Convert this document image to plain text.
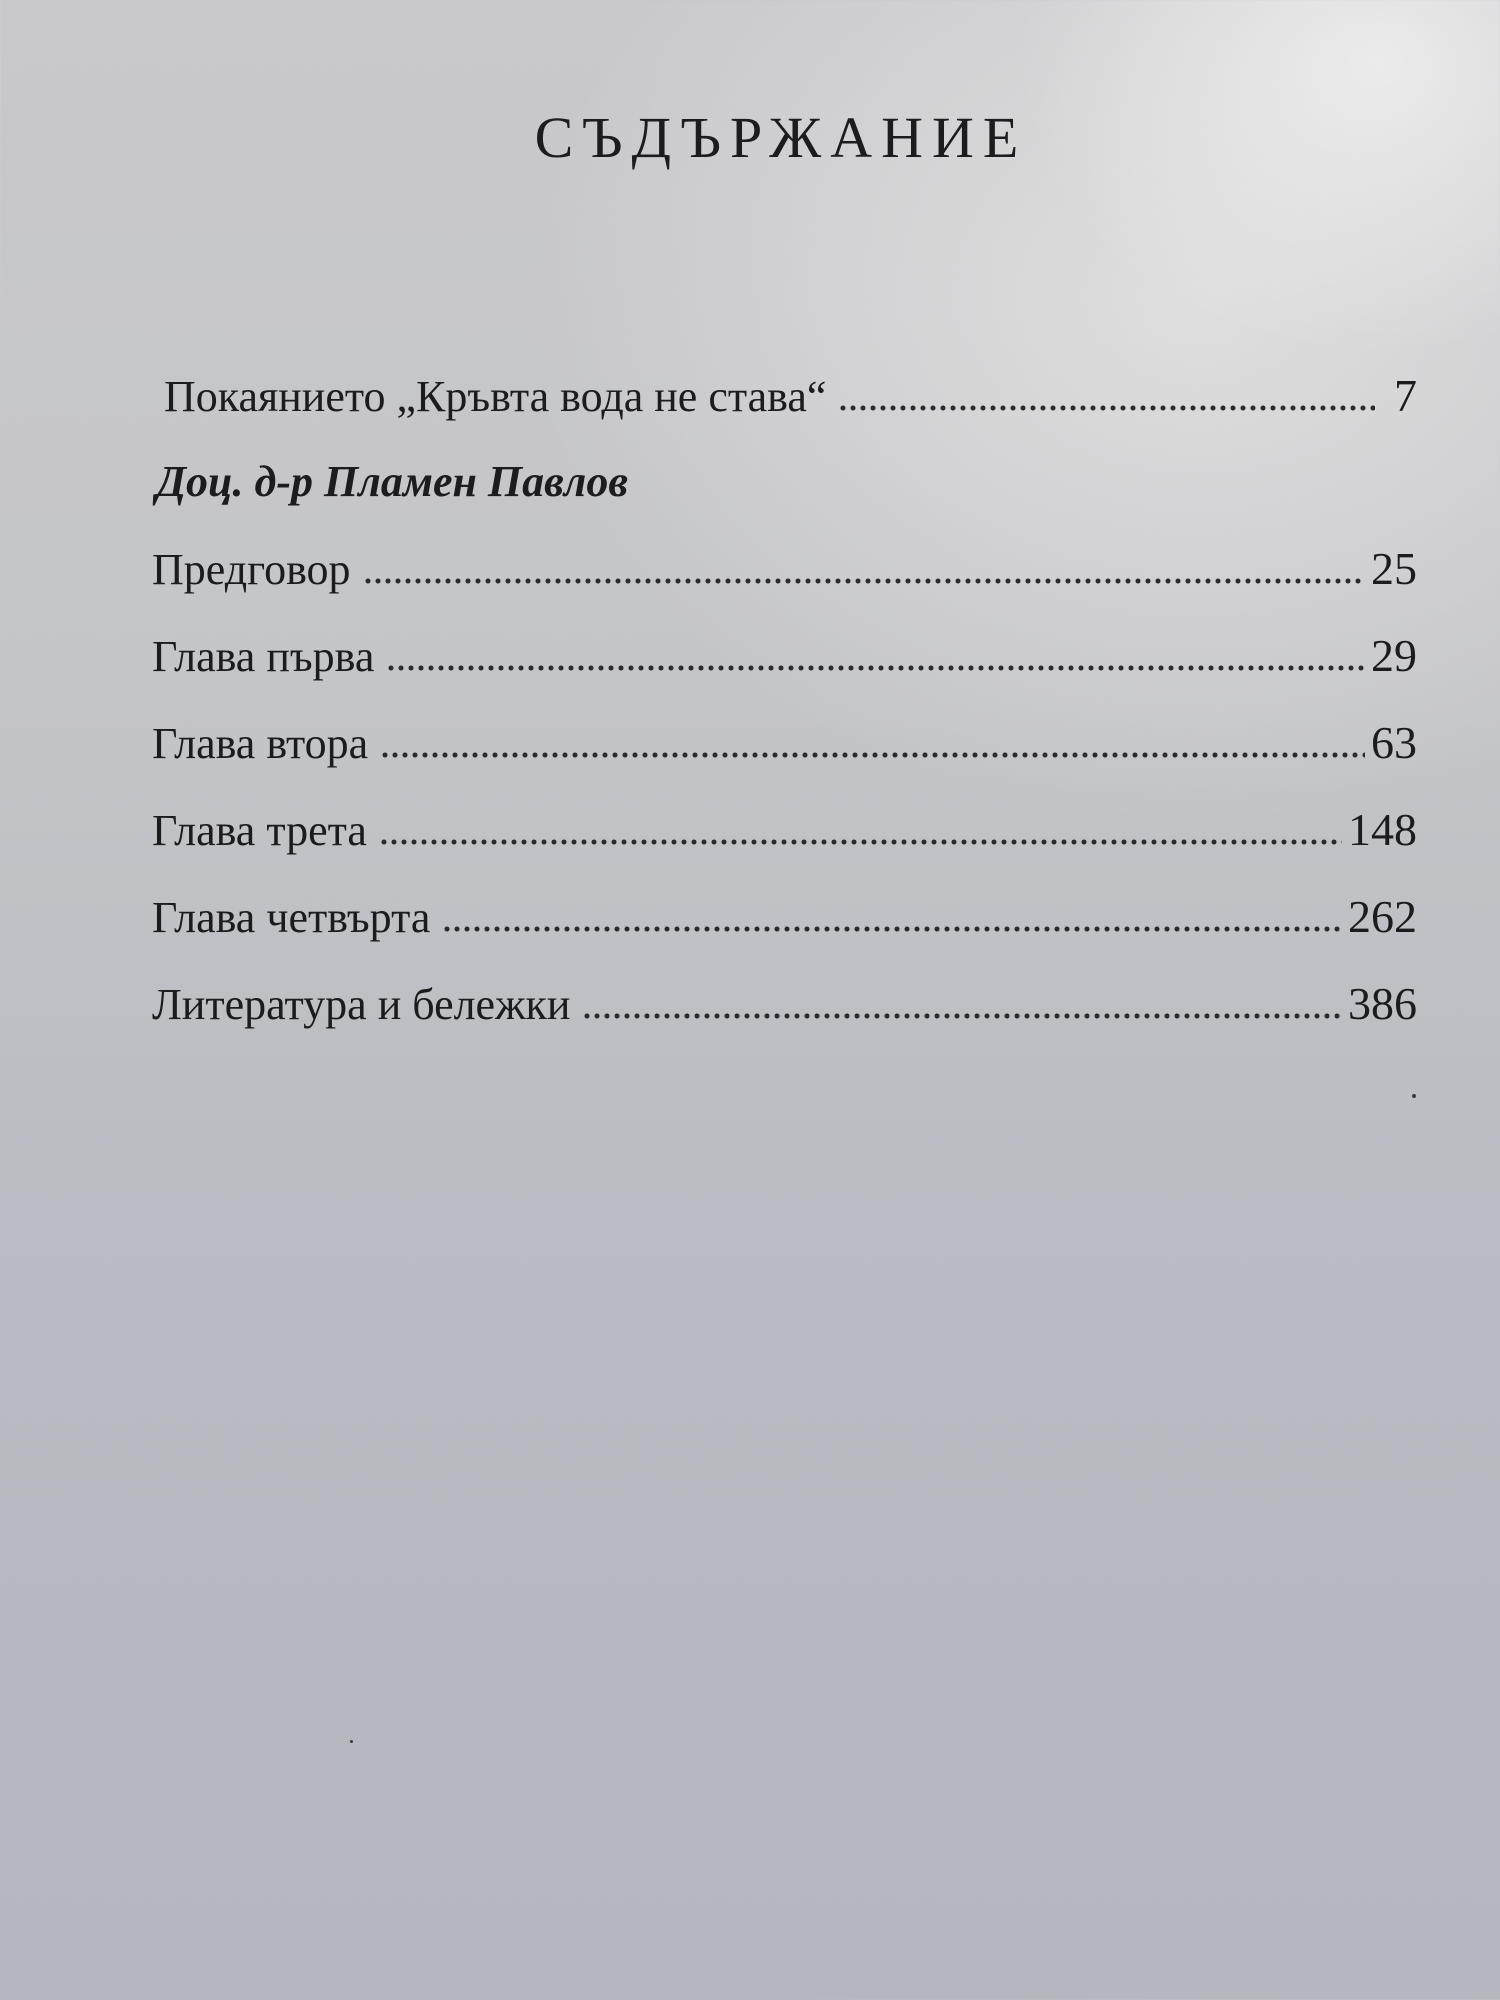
СЪДЪРЖАНИЕ
Покаянието „Кръвта вода не става“	7
Доц. д-р Пламен Павлов
Предговор	25
Глава първа	29
Глава втора	63
Глава трета	148
Глава четвърта	262
Литература и бележки	386
